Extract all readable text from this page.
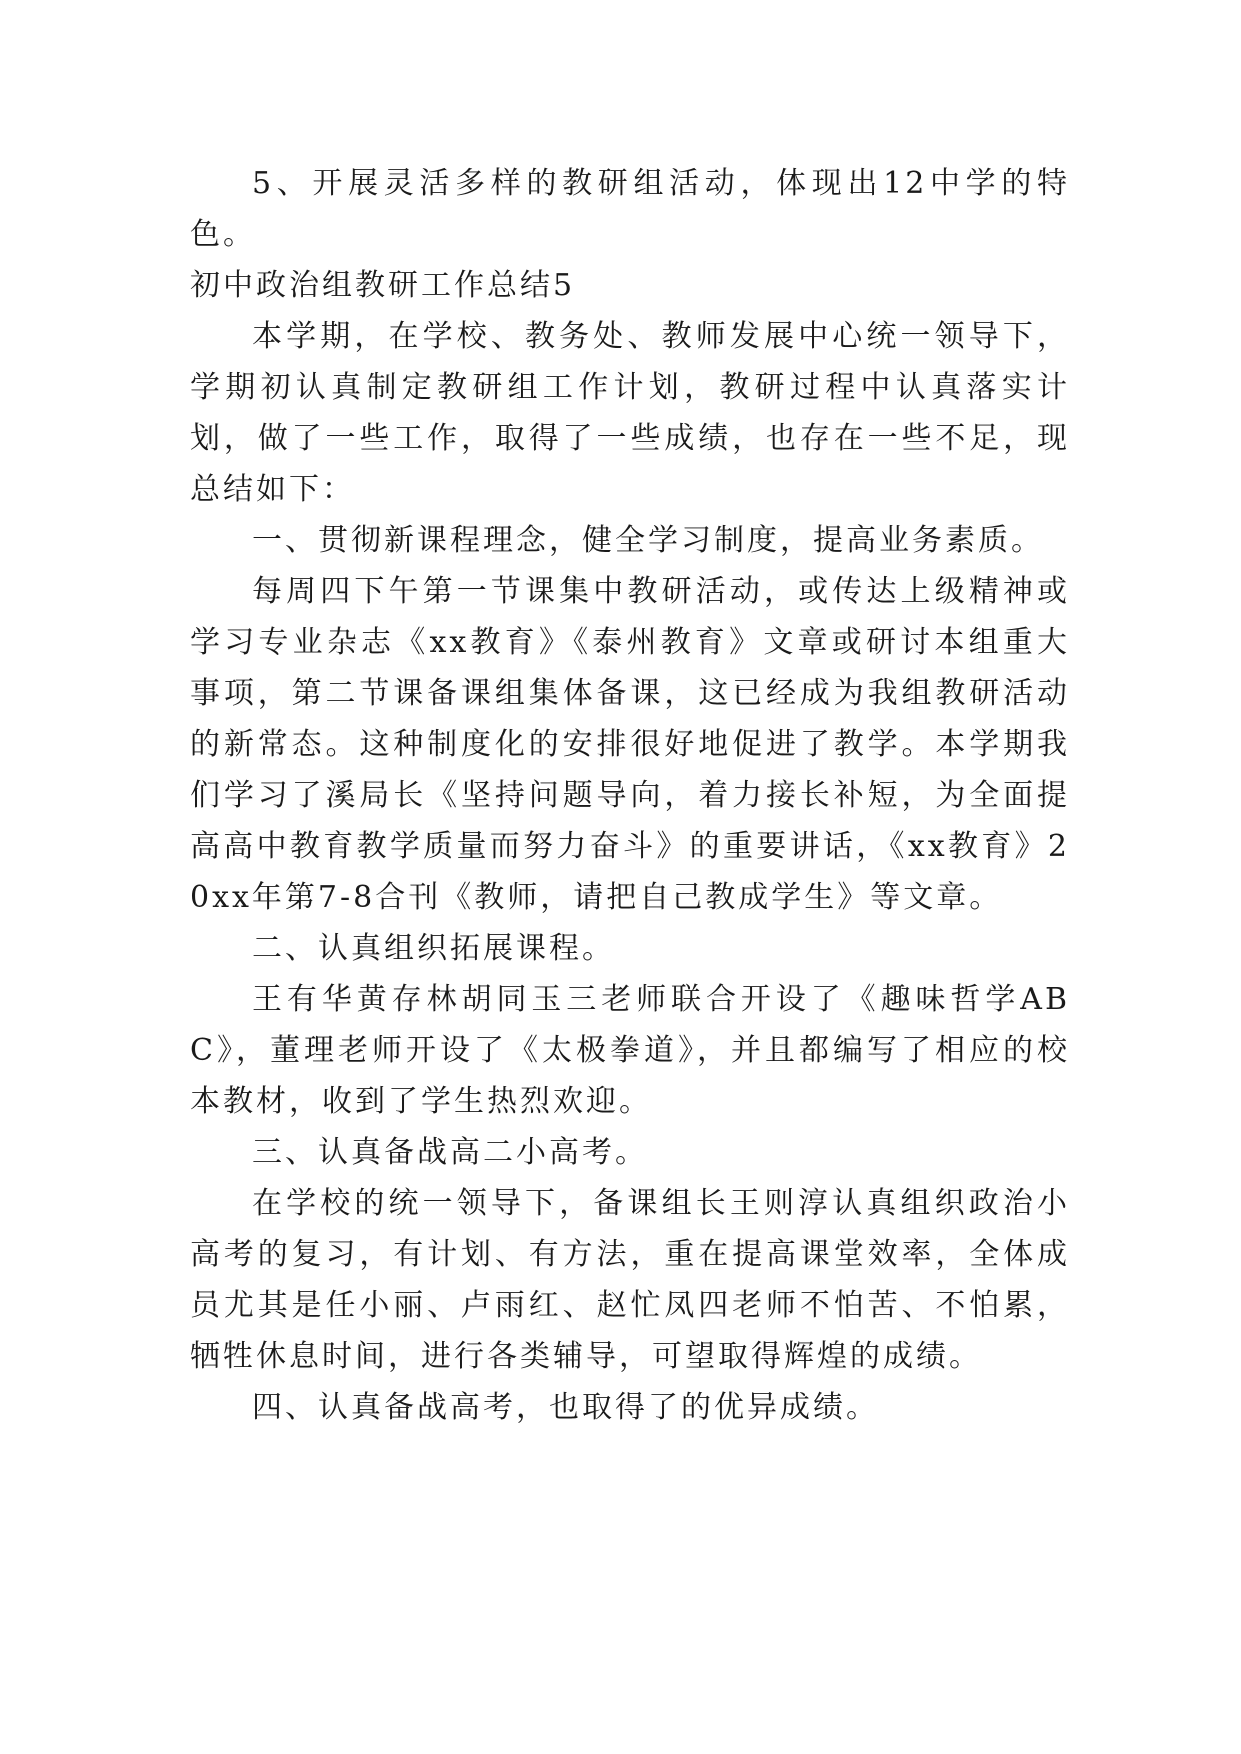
5、开展灵活多样的教研组活动，体现出12中学的特色。

初中政治组教研工作总结5

本学期，在学校、教务处、教师发展中心统一领导下，学期初认真制定教研组工作计划，教研过程中认真落实计划，做了一些工作，取得了一些成绩，也存在一些不足，现总结如下：

一、贯彻新课程理念，健全学习制度，提高业务素质。

每周四下午第一节课集中教研活动，或传达上级精神或学习专业杂志《xx教育》《泰州教育》文章或研讨本组重大事项，第二节课备课组集体备课，这已经成为我组教研活动的新常态。这种制度化的安排很好地促进了教学。本学期我们学习了溪局长《坚持问题导向，着力接长补短，为全面提高高中教育教学质量而努力奋斗》的重要讲话，《xx教育》20xx年第7-8合刊《教师，请把自己教成学生》等文章。

二、认真组织拓展课程。

王有华黄存林胡同玉三老师联合开设了《趣味哲学ABC》，董理老师开设了《太极拳道》，并且都编写了相应的校本教材，收到了学生热烈欢迎。

三、认真备战高二小高考。

在学校的统一领导下，备课组长王则淳认真组织政治小高考的复习，有计划、有方法，重在提高课堂效率，全体成员尤其是任小丽、卢雨红、赵忙凤四老师不怕苦、不怕累，牺牲休息时间，进行各类辅导，可望取得辉煌的成绩。

四、认真备战高考，也取得了的优异成绩。
